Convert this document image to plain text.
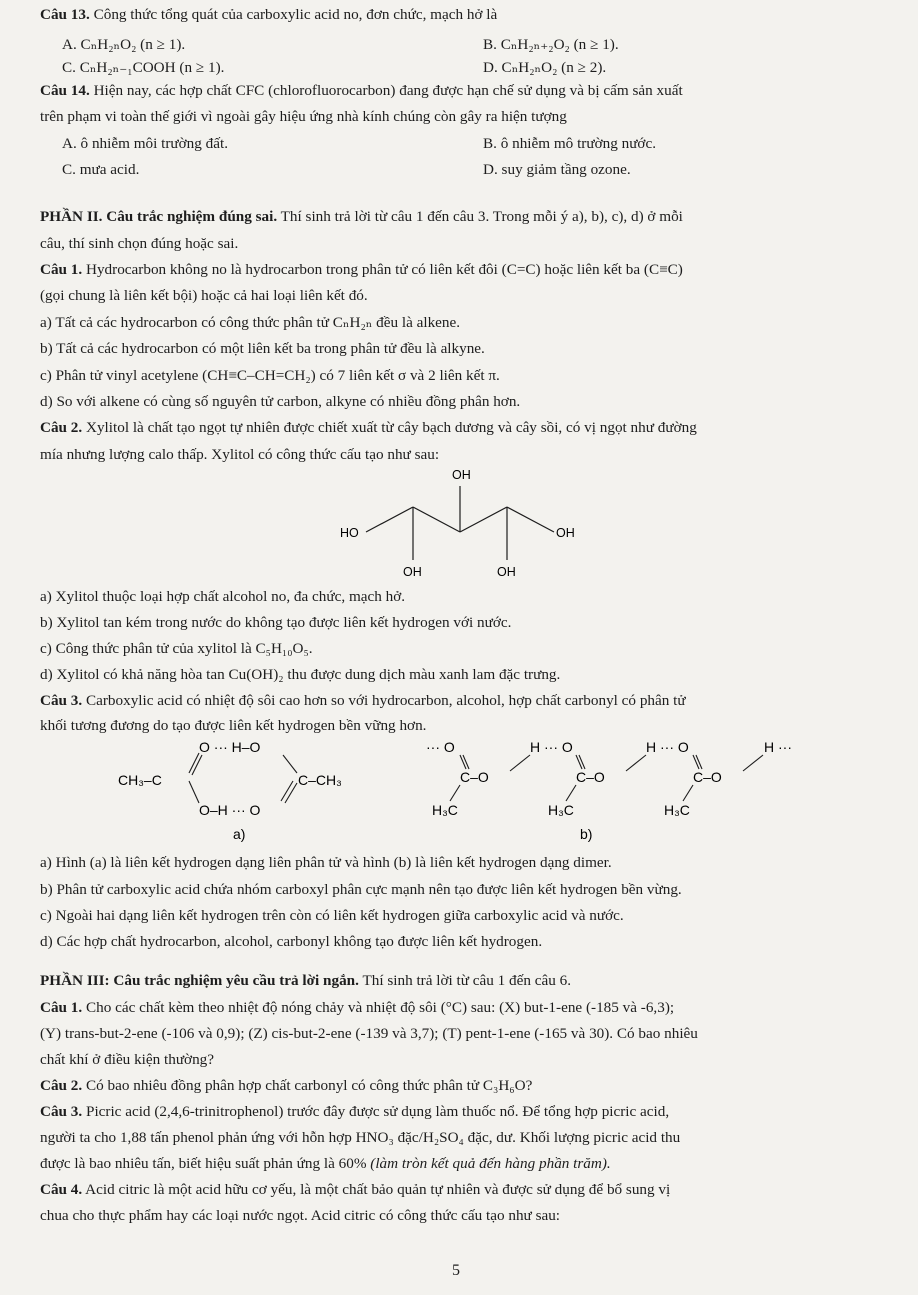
Câu 13. Công thức tổng quát của carboxylic acid no, đơn chức, mạch hở là
A. CₙH₂ₙO₂ (n ≥ 1).	B. CₙH₂ₙ₊₂O₂ (n ≥ 1).
C. CₙH₂ₙ₋₁COOH (n ≥ 1).	D. CₙH₂ₙO₂ (n ≥ 2).
Câu 14. Hiện nay, các hợp chất CFC (chlorofluorocarbon) đang được hạn chế sử dụng và bị cấm sản xuất
trên phạm vi toàn thế giới vì ngoài gây hiệu ứng nhà kính chúng còn gây ra hiện tượng
A. ô nhiễm môi trường đất.	B. ô nhiễm mô trường nước.
C. mưa acid.	D. suy giảm tầng ozone.
PHẦN II. Câu trắc nghiệm đúng sai. Thí sinh trả lời từ câu 1 đến câu 3. Trong mỗi ý a), b), c), d) ở mỗi
câu, thí sinh chọn đúng hoặc sai.
Câu 1. Hydrocarbon không no là hydrocarbon trong phân tử có liên kết đôi (C=C) hoặc liên kết ba (C≡C)
(gọi chung là liên kết bội) hoặc cả hai loại liên kết đó.
a) Tất cả các hydrocarbon có công thức phân tử CₙH₂ₙ đều là alkene.
b) Tất cả các hydrocarbon có một liên kết ba trong phân tử đều là alkyne.
c) Phân tử vinyl acetylene (CH≡C–CH=CH₂) có 7 liên kết σ và 2 liên kết π.
d) So với alkene có cùng số nguyên tử carbon, alkyne có nhiều đồng phân hơn.
Câu 2. Xylitol là chất tạo ngọt tự nhiên được chiết xuất từ cây bạch dương và cây sồi, có vị ngọt như đường
mía nhưng lượng calo thấp. Xylitol có công thức cấu tạo như sau:
OH
HO	OH
OH	OH
a) Xylitol thuộc loại hợp chất alcohol no, đa chức, mạch hở.
b) Xylitol tan kém trong nước do không tạo được liên kết hydrogen với nước.
c) Công thức phân tử của xylitol là C₅H₁₀O₅.
d) Xylitol có khả năng hòa tan Cu(OH)₂ thu được dung dịch màu xanh lam đặc trưng.
Câu 3. Carboxylic acid có nhiệt độ sôi cao hơn so với hydrocarbon, alcohol, hợp chất carbonyl có phân tử
khối tương đương do tạo được liên kết hydrogen bền vững hơn.
O ··· H–O
CH₃–C	C–CH₃
O–H ··· O
a)
··· O	H ··· O	H ··· O	H ···
C–O	C–O	C–O
H₃C	H₃C	H₃C
b)
a) Hình (a) là liên kết hydrogen dạng liên phân tử và hình (b) là liên kết hydrogen dạng dimer.
b) Phân tử carboxylic acid chứa nhóm carboxyl phân cực mạnh nên tạo được liên kết hydrogen bền vừng.
c) Ngoài hai dạng liên kết hydrogen trên còn có liên kết hydrogen giữa carboxylic acid và nước.
d) Các hợp chất hydrocarbon, alcohol, carbonyl không tạo được liên kết hydrogen.
PHẦN III: Câu trắc nghiệm yêu cầu trả lời ngắn. Thí sinh trả lời từ câu 1 đến câu 6.
Câu 1. Cho các chất kèm theo nhiệt độ nóng chảy và nhiệt độ sôi (°C) sau: (X) but-1-ene (-185 và -6,3);
(Y) trans-but-2-ene (-106 và 0,9); (Z) cis-but-2-ene (-139 và 3,7); (T) pent-1-ene (-165 và 30). Có bao nhiêu
chất khí ở điều kiện thường?
Câu 2. Có bao nhiêu đồng phân hợp chất carbonyl có công thức phân tử C₃H₆O?
Câu 3. Picric acid (2,4,6-trinitrophenol) trước đây được sử dụng làm thuốc nổ. Để tổng hợp picric acid,
người ta cho 1,88 tấn phenol phản ứng với hỗn hợp HNO₃ đặc/H₂SO₄ đặc, dư. Khối lượng picric acid thu
được là bao nhiêu tấn, biết hiệu suất phản ứng là 60% (làm tròn kết quả đến hàng phần trăm).
Câu 4. Acid citric là một acid hữu cơ yếu, là một chất bảo quản tự nhiên và được sử dụng để bổ sung vị
chua cho thực phẩm hay các loại nước ngọt. Acid citric có công thức cấu tạo như sau:
5
